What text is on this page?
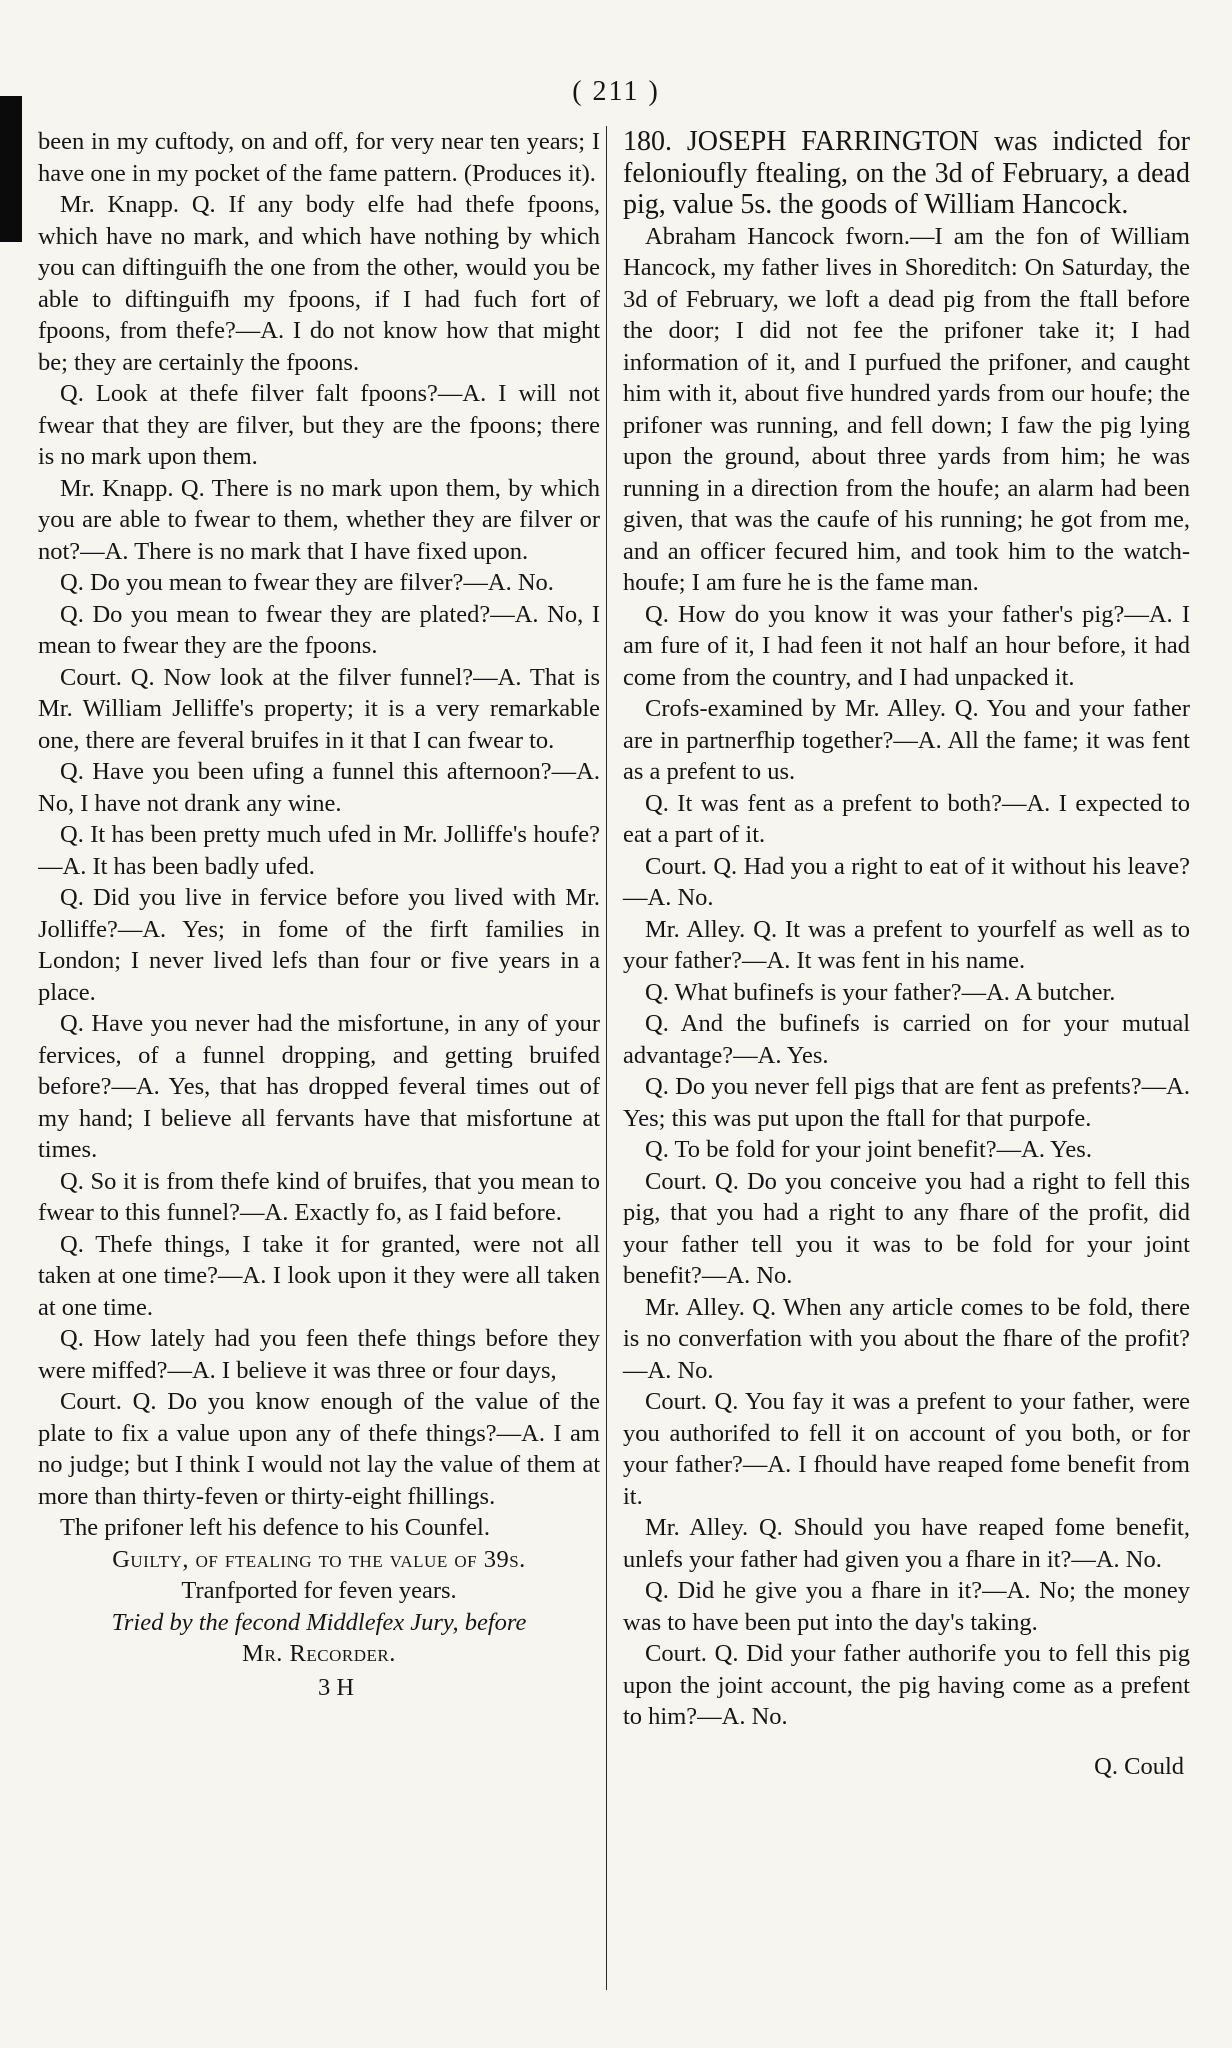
( 211 )

been in my cuftody, on and off, for very near ten years; I have one in my pocket of the fame pattern. (Produces it).

Mr. Knapp. Q. If any body elfe had thefe fpoons, which have no mark, and which have nothing by which you can diftinguifh the one from the other, would you be able to diftinguifh my fpoons, if I had fuch fort of fpoons, from thefe?—A. I do not know how that might be; they are certainly the fpoons.

Q. Look at thefe filver falt fpoons?—A. I will not fwear that they are filver, but they are the fpoons; there is no mark upon them.

Mr. Knapp. Q. There is no mark upon them, by which you are able to fwear to them, whether they are filver or not?—A. There is no mark that I have fixed upon.

Q. Do you mean to fwear they are filver?—A. No.

Q. Do you mean to fwear they are plated?—A. No, I mean to fwear they are the fpoons.

Court. Q. Now look at the filver funnel?—A. That is Mr. William Jelliffe's property; it is a very remarkable one, there are feveral bruifes in it that I can fwear to.

Q. Have you been ufing a funnel this afternoon?—A. No, I have not drank any wine.

Q. It has been pretty much ufed in Mr. Jolliffe's houfe?—A. It has been badly ufed.

Q. Did you live in fervice before you lived with Mr. Jolliffe?—A. Yes; in fome of the firft families in London; I never lived lefs than four or five years in a place.

Q. Have you never had the misfortune, in any of your fervices, of a funnel dropping, and getting bruifed before?—A. Yes, that has dropped feveral times out of my hand; I believe all fervants have that misfortune at times.

Q. So it is from thefe kind of bruifes, that you mean to fwear to this funnel?—A. Exactly fo, as I faid before.

Q. Thefe things, I take it for granted, were not all taken at one time?—A. I look upon it they were all taken at one time.

Q. How lately had you feen thefe things before they were miffed?—A. I believe it was three or four days,

Court. Q. Do you know enough of the value of the plate to fix a value upon any of thefe things?—A. I am no judge; but I think I would not lay the value of them at more than thirty-feven or thirty-eight fhillings.

The prifoner left his defence to his Counfel.

Guilty, of ftealing to the value of 39s.

Tranfported for feven years.

Tried by the fecond Middlefex Jury, before

Mr. Recorder.

3 H

180. JOSEPH FARRINGTON was indicted for felonioufly ftealing, on the 3d of February, a dead pig, value 5s. the goods of William Hancock.

Abraham Hancock fworn.—I am the fon of William Hancock, my father lives in Shoreditch: On Saturday, the 3d of February, we loft a dead pig from the ftall before the door; I did not fee the prifoner take it; I had information of it, and I purfued the prifoner, and caught him with it, about five hundred yards from our houfe; the prifoner was running, and fell down; I faw the pig lying upon the ground, about three yards from him; he was running in a direction from the houfe; an alarm had been given, that was the caufe of his running; he got from me, and an officer fecured him, and took him to the watch-houfe; I am fure he is the fame man.

Q. How do you know it was your father's pig?—A. I am fure of it, I had feen it not half an hour before, it had come from the country, and I had unpacked it.

Crofs-examined by Mr. Alley. Q. You and your father are in partnerfhip together?—A. All the fame; it was fent as a prefent to us.

Q. It was fent as a prefent to both?—A. I expected to eat a part of it.

Court. Q. Had you a right to eat of it without his leave?—A. No.

Mr. Alley. Q. It was a prefent to yourfelf as well as to your father?—A. It was fent in his name.

Q. What bufinefs is your father?—A. A butcher.

Q. And the bufinefs is carried on for your mutual advantage?—A. Yes.

Q. Do you never fell pigs that are fent as prefents?—A. Yes; this was put upon the ftall for that purpofe.

Q. To be fold for your joint benefit?—A. Yes.

Court. Q. Do you conceive you had a right to fell this pig, that you had a right to any fhare of the profit, did your father tell you it was to be fold for your joint benefit?—A. No.

Mr. Alley. Q. When any article comes to be fold, there is no converfation with you about the fhare of the profit?—A. No.

Court. Q. You fay it was a prefent to your father, were you authorifed to fell it on account of you both, or for your father?—A. I fhould have reaped fome benefit from it.

Mr. Alley. Q. Should you have reaped fome benefit, unlefs your father had given you a fhare in it?—A. No.

Q. Did he give you a fhare in it?—A. No; the money was to have been put into the day's taking.

Court. Q. Did your father authorife you to fell this pig upon the joint account, the pig having come as a prefent to him?—A. No.

Q. Could
